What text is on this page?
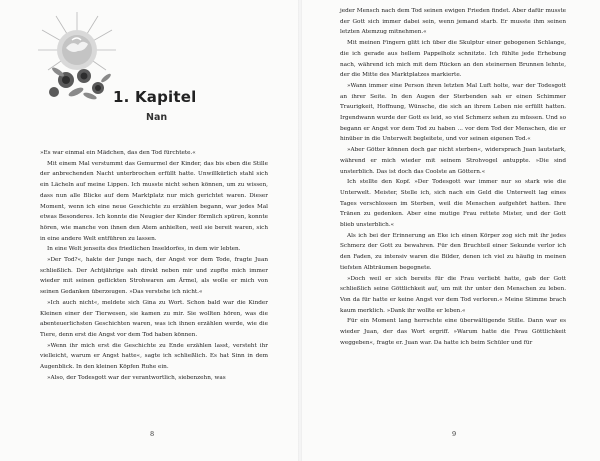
1. Kapitel
Nan

»Es war einmal ein Mädchen, das den Tod fürchtete.«

Mit einem Mal verstummt das Gemurmel der Kinder, das bis eben die Stille der anbrechenden Nacht unterbrochen erfüllt hatte. Unwillkürlich stahl sich ein Lächeln auf meine Lippen. Ich musste nicht sehen können, um zu wissen, dass nun alle Blicke auf dem Marktplatz nur mich gerichtet waren. Dieser Moment, wenn ich eine neue Geschichte zu erzählen begann, war jedes Mal etwas Besonderes. Ich konnte die Neugier der Kinder förmlich spüren, konnte hören, wie manche von ihnen den Atem anhielten, weil sie bereit waren, sich in eine andere Welt entführen zu lassen.

In eine Welt jenseits des friedlichen Inseldorfes, in dem wir lebten.

»Der Tod?«, hakte der Junge nach, der Angst vor dem Tode, fragte Juan schließlich. Der Achtjährige sah direkt neben mir und zupfte mich immer wieder mit seinen geflickten Strohwaren am Ärmel, als wolle er mich von seinen Gedanken überzeugen. »Das verstehe ich nicht.«

»Ich auch nicht«, meldete sich Gina zu Wort. Schon bald war die Kinder Kleinen einer der Tierwesen, sie kamen zu mir. Sie wollten hören, was die abenteuerlichsten Geschichten waren, was ich ihnen erzählen werde, wie die Tiere, denn erst die Angst vor dem Tod haben können.

»Wenn ihr mich erst die Geschichte zu Ende erzählen lasst, versteht ihr vielleicht, warum er Angst hatte«, sagte ich schließlich. Es hat Sinn in dem Augenblick. In den kleinen Köpfen Ruhe ein.

»Also, der Todesgott war der verantwortlich, siebenzehn, was

8

jeder Mensch nach dem Tod seinen ewigen Frieden findet. Aber dafür musste der Gott sich immer dabei sein, wenn jemand starb. Er musste ihm seinen letzten Atemzug mitnehmen.«

Mit meinen Fingern glitt ich über die Skulptur einer gebogenen Schlange, die ich gerade aus hellem Pappelholz schnitzte. Ich fühlte jede Erhebung nach, während ich mich mit dem Rücken an den steinernen Brunnen lehnte, der die Mitte des Marktplatzes markierte.

»Wann immer eine Person ihren letzten Mal Luft holte, war der Todesgott an ihrer Seite. In den Augen der Sterbenden sah er einen Schimmer Traurigkeit, Hoffnung, Wünsche, die sich an ihrem Leben nie erfüllt hatten. Irgendwann wurde der Gott es leid, so viel Schmerz sehen zu müssen. Und so begann er Angst vor dem Tod zu haben ... vor dem Tod der Menschen, die er hinüber in die Unterwelt begleitete, und vor seinen eigenen Tod.«

»Aber Götter können doch gar nicht sterben«, widersprach Juan lautstark, während er mich wieder mit seinem Strohvogel antuppte. »Die sind unsterblich. Das ist doch das Coolste an Göttern.«

Ich stellte den Kopf. »Der Todesgott war immer nur so stark wie die Unterwelt. Meister, Stelle ich, sich nach ein Geld die Unterwelt lag eines Tages verschlossen im Sterben, weil die Menschen aufgehört hatten. Ihre Tränen zu gedenken. Aber eine mutige Frau rettete Mister, und der Gott blieb unsterblich.«

Als ich bei der Erinnerung an Eke ich einen Körper zog sich mit ihr jedes Schmerz der Gott zu bewahren. Für den Bruchteil einer Sekunde verlor ich den Faden, zu intensiv waren die Bilder, denen ich viel zu häufig in meinen tiefsten Albträumen begegnete.

»Doch weil er sich bereits für die Frau verliebt hatte, gab der Gott schließlich seine Göttlichkeit auf, um mit ihr unter den Menschen zu leben. Von da für hatte er keine Angst vor dem Tod verloren.« Meine Stimme brach kaum merklich. »Dank ihr wollte er leben.«

Für ein Moment lang herrschte eine überwältigende Stille. Dann war es wieder Juan, der das Wort ergriff. »Warum hatte die Frau Göttlichkeit weggeben«, fragte er. Juan war. Da hatte ich beim Schüler und für

9
